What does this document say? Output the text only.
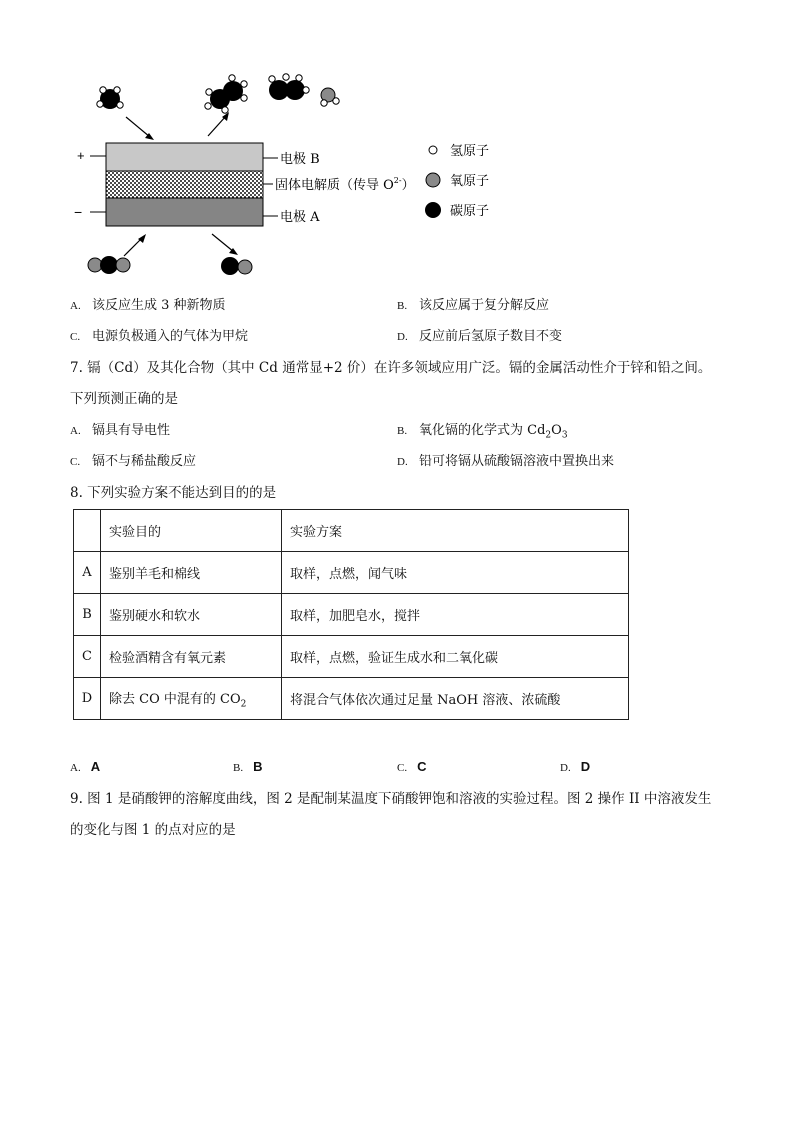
+
−
电极 B
固体电解质（传导 $O^{2-}$）
电极 A
氢原子
氧原子
碳原子
A. 该反应生成 3 种新物质	B. 该反应属于复分解反应
C. 电源负极通入的气体为甲烷	D. 反应前后氢原子数目不变
7. 镉（Cd）及其化合物（其中 Cd 通常显+2 价）在许多领域应用广泛。镉的金属活动性介于锌和铅之间。
下列预测正确的是
A. 镉具有导电性	B. 氧化镉的化学式为 $Cd_2O_3$
C. 镉不与稀盐酸反应	D. 铅可将镉从硫酸镉溶液中置换出来
8. 下列实验方案不能达到目的的是
	实验目的	实验方案
A	鉴别羊毛和棉线	取样，点燃，闻气味
B	鉴别硬水和软水	取样，加肥皂水，搅拌
C	检验酒精含有氧元素	取样，点燃，验证生成水和二氧化碳
D	除去 CO 中混有的 $CO_2$	将混合气体依次通过足量 NaOH 溶液、浓硫酸
A. A	B. B	C. C	D. D
9. 图 1 是硝酸钾的溶解度曲线，图 2 是配制某温度下硝酸钾饱和溶液的实验过程。图 2 操作 II 中溶液发生
的变化与图 1 的点对应的是
